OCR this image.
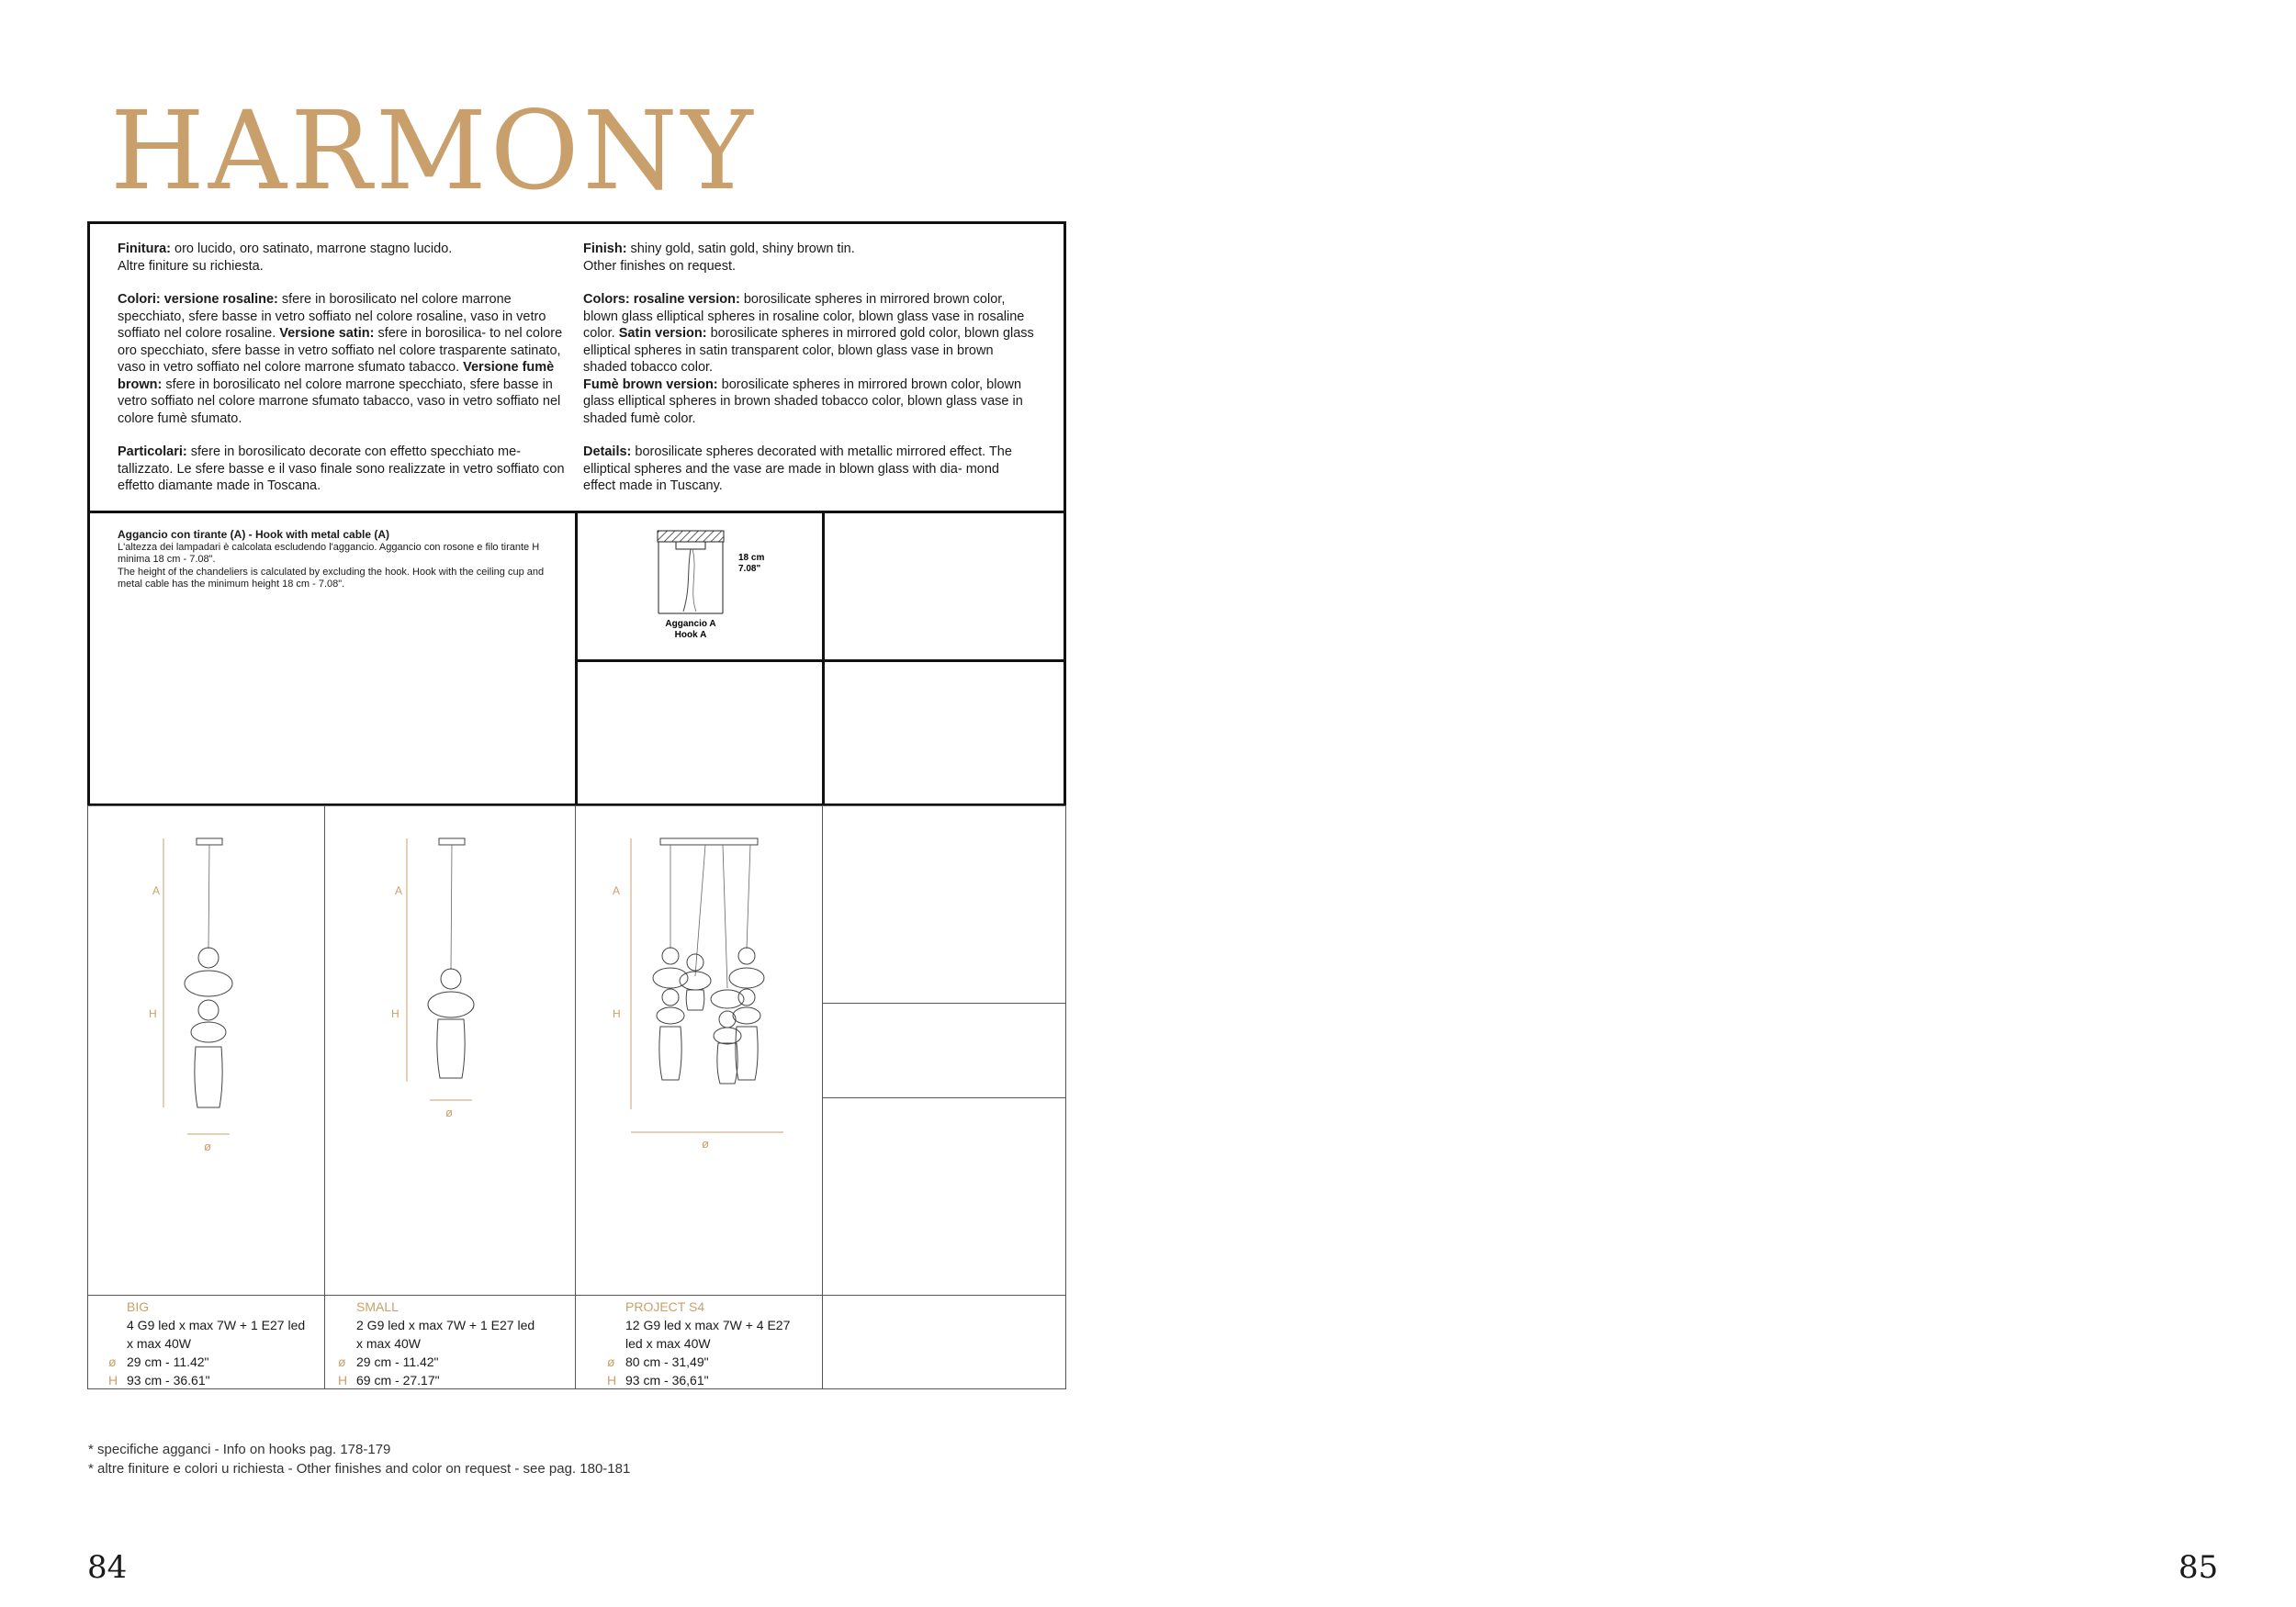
HARMONY

Finitura: oro lucido, oro satinato, marrone stagno lucido.
Altre finiture su richiesta.

Colori: versione rosaline: sfere in borosilicato nel colore marrone specchiato, sfere basse in vetro soffiato nel colore rosaline, vaso in vetro soffiato nel colore rosaline. Versione satin: sfere in borosilica- to nel colore oro specchiato, sfere basse in vetro soffiato nel colore trasparente satinato, vaso in vetro soffiato nel colore marrone sfumato tabacco. Versione fumè brown: sfere in borosilicato nel colore marrone specchiato, sfere basse in vetro soffiato nel colore marrone sfumato tabacco, vaso in vetro soffiato nel colore fumè sfumato.

Particolari: sfere in borosilicato decorate con effetto specchiato me- tallizzato. Le sfere basse e il vaso finale sono realizzate in vetro soffiato con effetto diamante made in Toscana.

Finish: shiny gold, satin gold, shiny brown tin.
Other finishes on request.

Colors: rosaline version: borosilicate spheres in mirrored brown color, blown glass elliptical spheres in rosaline color, blown glass vase in rosaline color. Satin version: borosilicate spheres in mirrored gold color, blown glass elliptical spheres in satin transparent color, blown glass vase in brown shaded tobacco color.
Fumè brown version: borosilicate spheres in mirrored brown color, blown glass elliptical spheres in brown shaded tobacco color, blown glass vase in shaded fumè color.

Details: borosilicate spheres decorated with metallic mirrored effect. The elliptical spheres and the vase are made in blown glass with dia- mond effect made in Tuscany.

Aggancio con tirante (A) - Hook with metal cable (A)
L'altezza dei lampadari è calcolata escludendo l'aggancio. Aggancio con rosone e filo tirante H minima 18 cm - 7.08".
The height of the chandeliers is calculated by excluding the hook. Hook with the ceiling cup and metal cable has the minimum height 18 cm - 7.08".
18 cm
7.08"
Aggancio A
Hook A
A
H
ø
A
H
ø
A
H
ø
BIG
4 G9 led x max 7W + 1 E27 led
x max 40W
ø 29 cm - 11.42"
H 93 cm - 36.61"
SMALL
2 G9 led x max 7W + 1 E27 led
x max 40W
ø 29 cm - 11.42"
H 69 cm - 27.17"
PROJECT S4
12 G9 led x max 7W + 4 E27
led x max 40W
ø 80 cm - 31,49"
H 93 cm - 36,61"
* specifiche agganci - Info on hooks pag. 178-179
* altre finiture e colori u richiesta - Other finishes and color on request - see pag. 180-181
84	85
